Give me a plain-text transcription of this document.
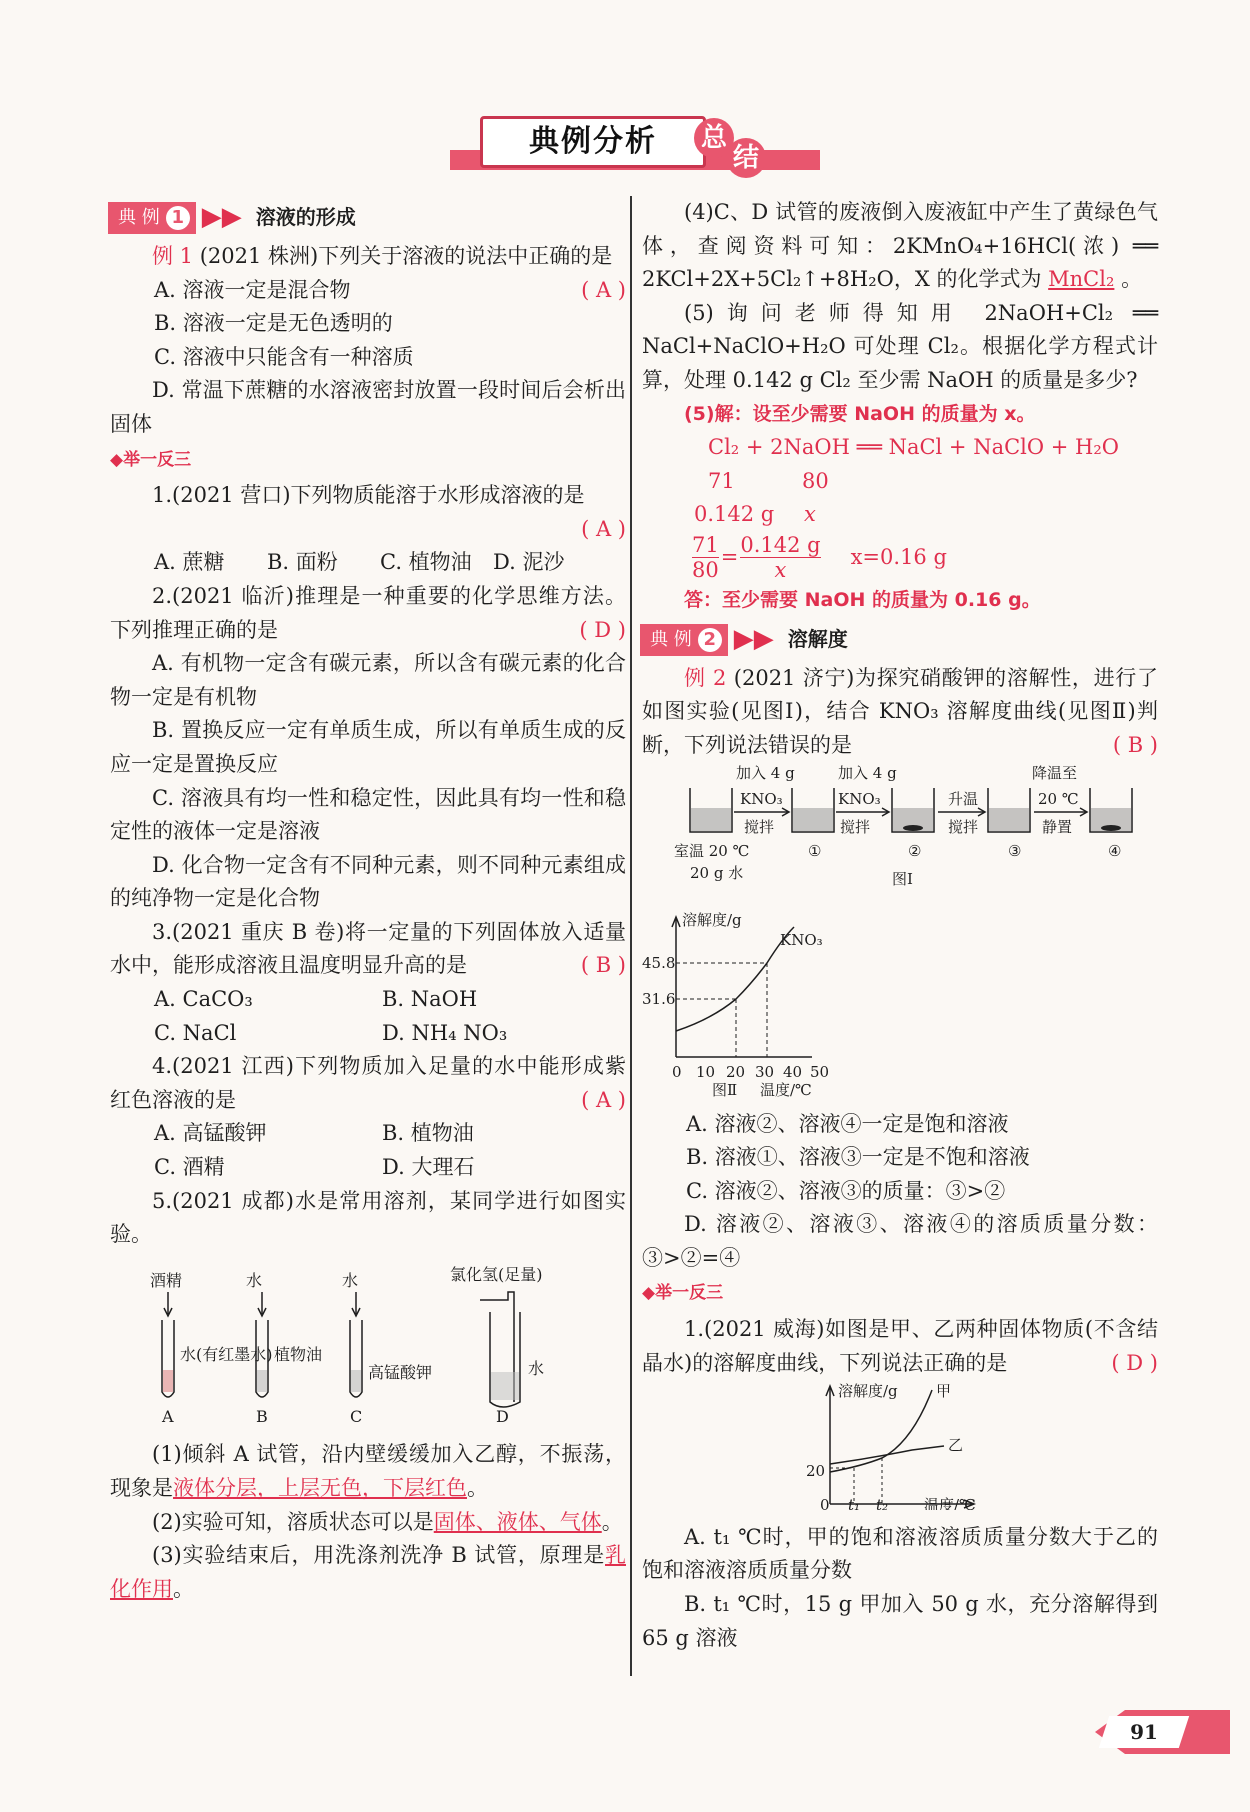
典例分析	总
结
典 例 1 ▶▶ 溶液的形成

例 1 (2021 株洲)下列关于溶液的说法中正确的是
( A )

A. 溶液一定是混合物

B. 溶液一定是无色透明的

C. 溶液中只能含有一种溶质

D. 常温下蔗糖的水溶液密封放置一段时间后会析出固体

◆举一反三

1.(2021 营口)下列物质能溶于水形成溶液的是

( A )

A. 蔗糖	B. 面粉	C. 植物油	D. 泥沙

2.(2021 临沂)推理是一种重要的化学思维方法。下列推理正确的是	( D )

A. 有机物一定含有碳元素，所以含有碳元素的化合物一定是有机物

B. 置换反应一定有单质生成，所以有单质生成的反应一定是置换反应

C. 溶液具有均一性和稳定性，因此具有均一性和稳定性的液体一定是溶液

D. 化合物一定含有不同种元素，则不同种元素组成的纯净物一定是化合物

3.(2021 重庆 B 卷)将一定量的下列固体放入适量水中，能形成溶液且温度明显升高的是	( B )

A. CaCO₃	B. NaOH
C. NaCl	D. NH₄ NO₃

4.(2021 江西)下列物质加入足量的水中能形成紫红色溶液的是	( A )

A. 高锰酸钾	B. 植物油
C. 酒精	D. 大理石

5.(2021 成都)水是常用溶剂，某同学进行如图实验。

酒精	水	水	氯化氢(足量)
水(有红墨水) 植物油
高锰酸钾	水
A	B	C	D

(1)倾斜 A 试管，沿内壁缓缓加入乙醇，不振荡，现象是液体分层，上层无色，下层红色。

(2)实验可知，溶质状态可以是固体、液体、气体。

(3)实验结束后，用洗涤剂洗净 B 试管，原理是乳化作用。

(4)C、D 试管的废液倒入废液缸中产生了黄绿色气体，查阅资料可知：2KMnO₄+16HCl(浓) ══ 2KCl+2X+5Cl₂↑+8H₂O，X 的化学式为 MnCl₂ 。

(5)询问老师得知用 2NaOH+Cl₂ ══ NaCl+NaClO+H₂O 可处理 Cl₂。根据化学方程式计算，处理 0.142 g Cl₂ 至少需 NaOH 的质量是多少?

(5)解：设至少需要 NaOH 的质量为 x。

Cl₂ + 2NaOH ══ NaCl + NaClO + H₂O

71	80
0.142 g x
$\frac{71}{80} = \frac{0.142 g}{x} x=0.16$ g

答：至少需要 NaOH 的质量为 0.16 g。

典 例 2 ▶▶ 溶解度

例 2 (2021 济宁)为探究硝酸钾的溶解性，进行了如图实验(见图Ⅰ)，结合 KNO₃ 溶解度曲线(见图Ⅱ)判断，下列说法错误的是	( B )

加入 4 g	加入 4 g	降温至
KNO₃	KNO₃	升温	20 ℃
搅拌	搅拌	搅拌	静置
室温 20 ℃
20 g 水
①	②	③	④
图Ⅰ

溶解度/g
KNO₃
45.8
31.6
0 10 20 30 40 50
图Ⅱ 温度/℃

A. 溶液②、溶液④一定是饱和溶液

B. 溶液①、溶液③一定是不饱和溶液

C. 溶液②、溶液③的质量：③>②

D. 溶液②、溶液③、溶液④的溶质质量分数：③>②=④

◆举一反三

1.(2021 威海)如图是甲、乙两种固体物质(不含结晶水)的溶解度曲线，下列说法正确的是	( D )

溶解度/g	甲
乙
20
0 t₁ t₂ 温度/℃

A. t₁ ℃时，甲的饱和溶液溶质质量分数大于乙的饱和溶液溶质质量分数

B. t₁ ℃时，15 g 甲加入 50 g 水，充分溶解得到 65 g 溶液

91
